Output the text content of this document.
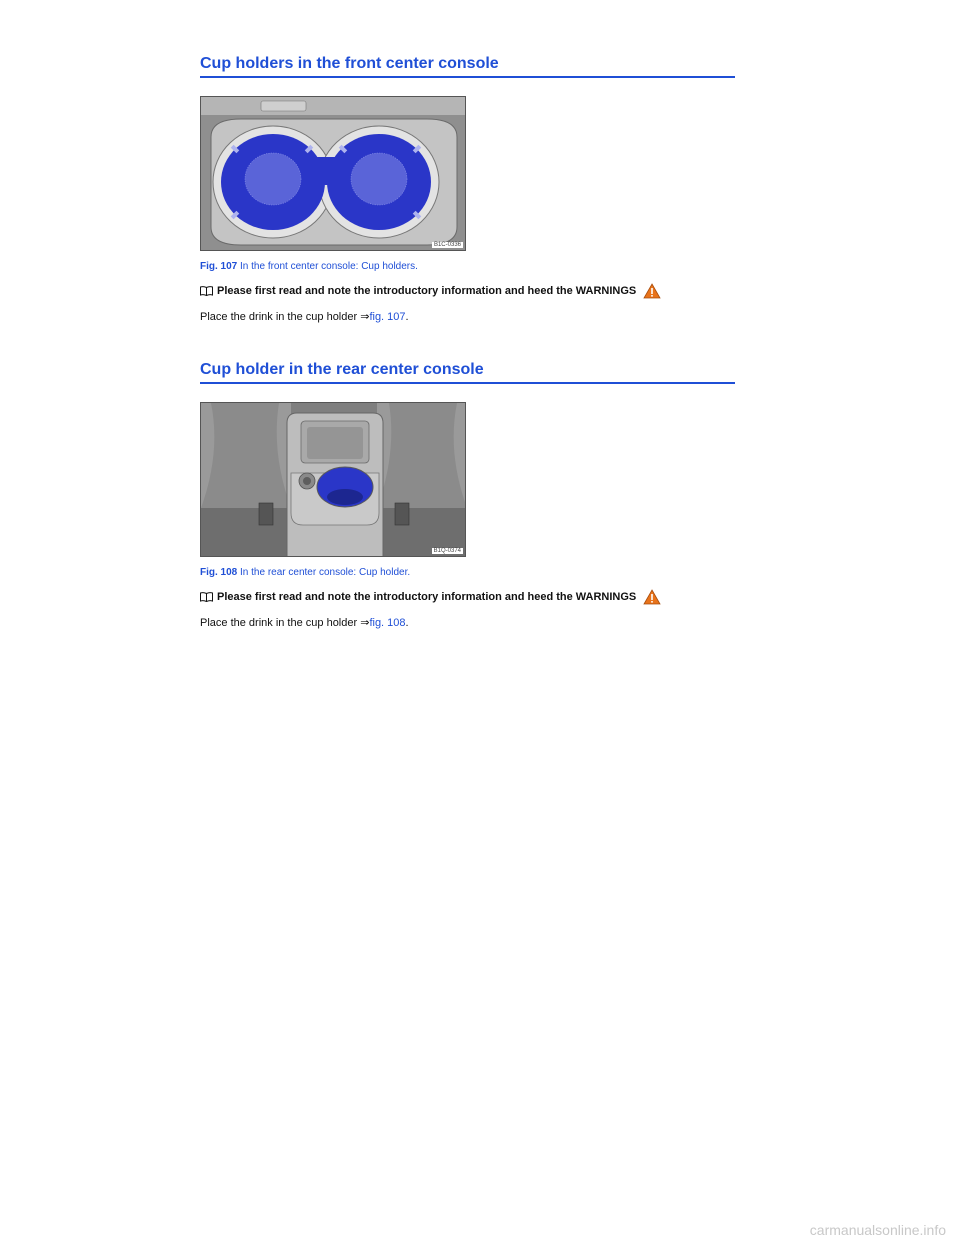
Cup holders in the front center console
B1C-0336
Fig. 107 In the front center console: Cup holders.
Please first read and note the introductory information and heed the WARNINGS
Place the drink in the cup holder ⇒fig. 107.
Cup holder in the rear center console
B1Q-0374
Fig. 108 In the rear center console: Cup holder.
Please first read and note the introductory information and heed the WARNINGS
Place the drink in the cup holder ⇒fig. 108.
carmanualsonline.info
